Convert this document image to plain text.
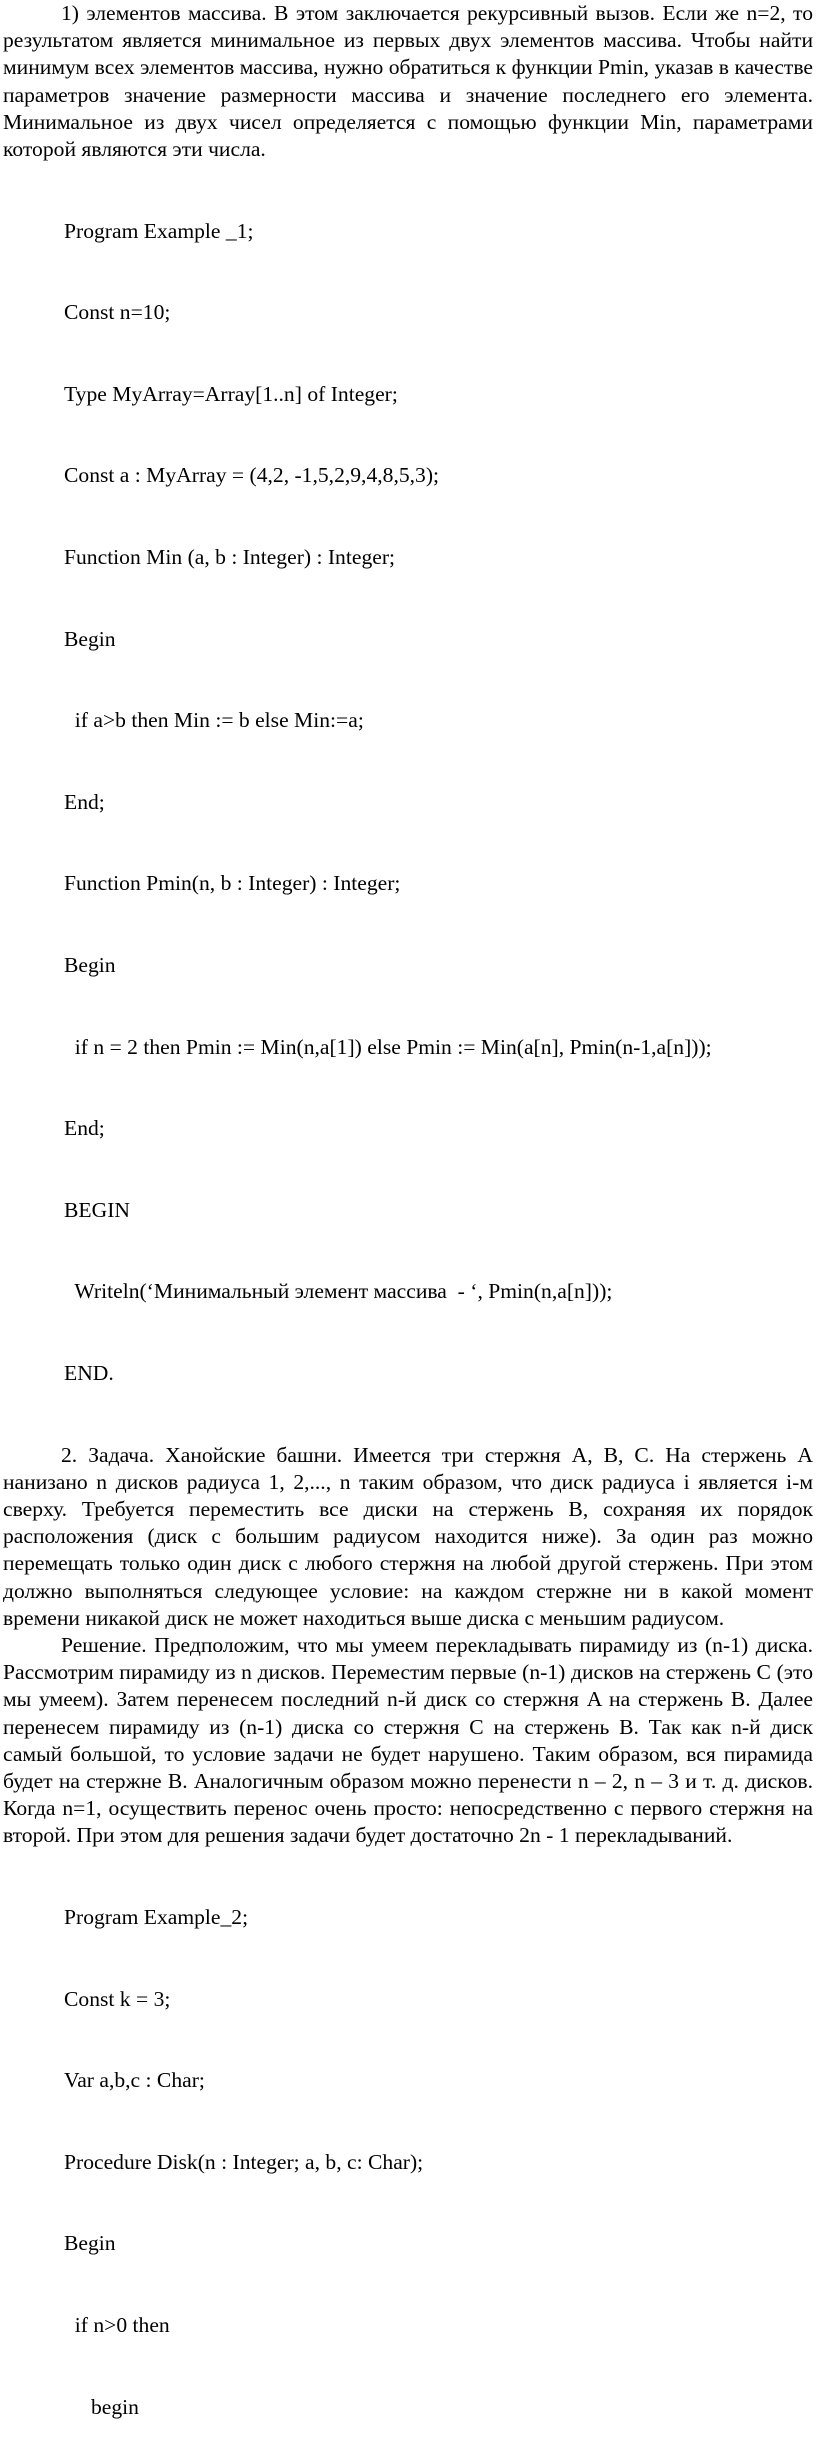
1) элементов массива. В этом заключается рекурсивный вызов. Если же n=2, то результатом является минимальное из первых двух элементов массива. Чтобы найти минимум всех элементов массива, нужно обратиться к функции Pmin, указав в качестве параметров значение размерности массива и значение последнего его элемента. Минимальное из двух чисел определяется с помощью функции Min, параметрами которой являются эти числа.

Program Example _1;

Const n=10;

Type MyArray=Array[1..n] of Integer;

Const a : MyArray = (4,2, -1,5,2,9,4,8,5,3);

Function Min (a, b : Integer) : Integer;

Begin

if a>b then Min := b else Min:=a;

End;

Function Pmin(n, b : Integer) : Integer;

Begin

if n = 2 then Pmin := Min(n,a[1]) else Pmin := Min(a[n], Pmin(n-1,a[n]));

End;

BEGIN

Writeln(‘Минимальный элемент массива  - ‘, Pmin(n,a[n]));

END.

2. Задача. Ханойские башни. Имеется три стержня A, B, C. На стержень A нанизано n дисков радиуса 1, 2,..., n таким образом, что диск радиуса i является i-м сверху. Требуется переместить все диски на стержень B, сохраняя их порядок расположения (диск с большим радиусом находится ниже). За один раз можно перемещать только один диск с любого стержня на любой другой стержень. При этом должно выполняться следующее условие: на каждом стержне ни в какой момент времени никакой диск не может находиться выше диска с меньшим радиусом.

Решение. Предположим, что мы умеем перекладывать пирамиду из (n-1) диска. Рассмотрим пирамиду из n дисков. Переместим первые (n-1) дисков на стержень C (это мы умеем). Затем перенесем последний n-й диск со стержня A на стержень B. Далее перенесем пирамиду из (n-1) диска со стержня C на стержень B. Так как n-й диск самый большой, то условие задачи не будет нарушено. Таким образом, вся пирамида будет на стержне B. Аналогичным образом можно перенести n – 2, n – 3 и т. д. дисков. Когда n=1, осуществить перенос очень просто: непосредственно с первого стержня на второй. При этом для решения задачи будет достаточно 2n - 1 перекладываний.

Program Example_2;

Const k = 3;

Var a,b,c : Char;

Procedure Disk(n : Integer; a, b, c: Char);

Begin

if n>0 then

begin
